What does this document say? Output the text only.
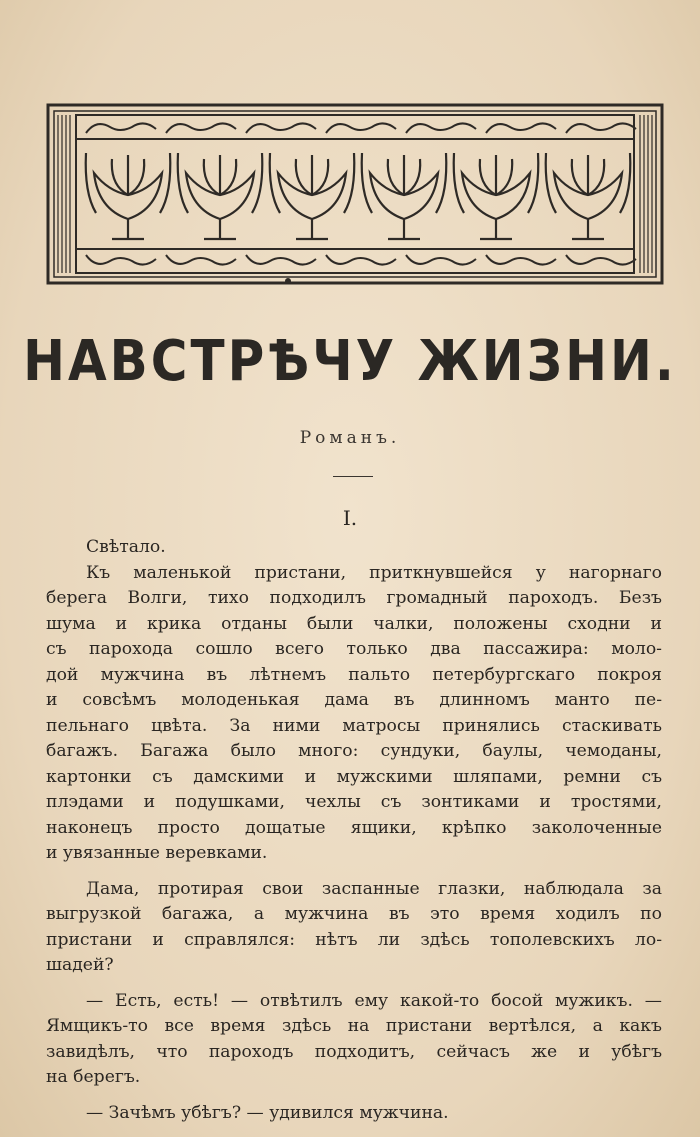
НАВСТРѢЧУ ЖИЗНИ.
Романъ.
I.

Свѣтало.

Къ маленькой пристани, приткнувшейся у нагорнаго
берега Волги, тихо подходилъ громадный пароходъ. Безъ
шума и крика отданы были чалки, положены сходни и
съ парохода сошло всего только два пассажира: моло-
дой мужчина въ лѣтнемъ пальто петербургскаго покроя
и совсѣмъ молоденькая дама въ длинномъ манто пе-
пельнаго цвѣта. За ними матросы принялись стаскивать
багажъ. Багажа было много: сундуки, баулы, чемоданы,
картонки съ дамскими и мужскими шляпами, ремни съ
плэдами и подушками, чехлы съ зонтиками и тростями,
наконецъ просто дощатые ящики, крѣпко заколоченные
и увязанные веревками.

Дама, протирая свои заспанные глазки, наблюдала за
выгрузкой багажа, а мужчина въ это время ходилъ по
пристани и справлялся: нѣтъ ли здѣсь тополевскихъ ло-
шадей?

— Есть, есть! — отвѣтилъ ему какой-то босой мужикъ. —
Ямщикъ-то все время здѣсь на пристани вертѣлся, а какъ
завидѣлъ, что пароходъ подходитъ, сейчасъ же и убѣгъ
на берегъ.

— Зачѣмъ убѣгъ? — удивился мужчина.
